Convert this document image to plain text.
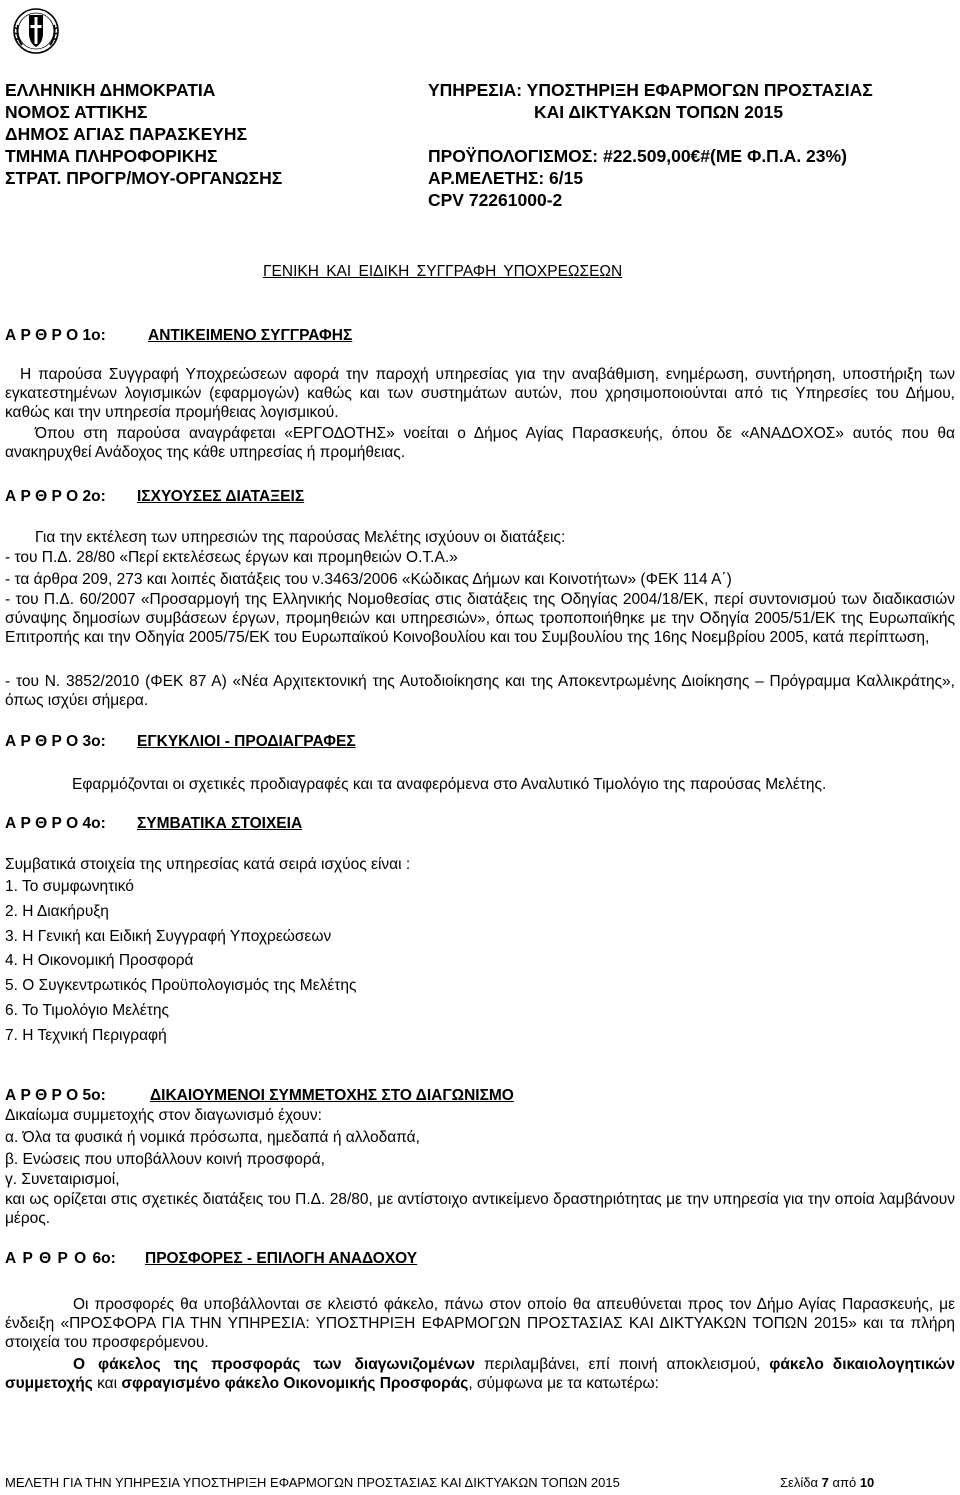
ΕΛΛΗΝΙΚΗ ΔΗΜΟΚΡΑΤΙΑ
ΝΟΜΟΣ ΑΤΤΙΚΗΣ
ΔΗΜΟΣ ΑΓΙΑΣ ΠΑΡΑΣΚΕΥΗΣ
ΤΜΗΜΑ ΠΛΗΡΟΦΟΡΙΚΗΣ
ΣΤΡΑΤ. ΠΡΟΓΡ/ΜΟΥ-ΟΡΓΑΝΩΣΗΣ
ΥΠΗΡΕΣΙΑ: ΥΠΟΣΤΗΡΙΞΗ ΕΦΑΡΜΟΓΩΝ ΠΡΟΣΤΑΣΙΑΣ
ΚΑΙ ΔΙΚΤΥΑΚΩΝ ΤΟΠΩΝ 2015
ΠΡΟΫΠΟΛΟΓΙΣΜΟΣ: #22.509,00€#(ΜΕ Φ.Π.Α. 23%)
ΑΡ.ΜΕΛΕΤΗΣ: 6/15
CPV 72261000-2
ΓΕΝΙΚΗ ΚΑΙ ΕΙΔΙΚΗ ΣΥΓΓΡΑΦΗ ΥΠΟΧΡΕΩΣΕΩΝ
Α Ρ Θ Ρ Ο 1ο:	ΑΝΤΙΚΕΙΜΕΝΟ ΣΥΓΓΡΑΦΗΣ

Η παρούσα Συγγραφή Υποχρεώσεων αφορά την παροχή υπηρεσίας για την αναβάθμιση, ενημέρωση, συντήρηση, υποστήριξη των εγκατεστημένων λογισμικών (εφαρμογών) καθώς και των συστημάτων αυτών, που χρησιμοποιούνται από τις Υπηρεσίες του Δήμου, καθώς και την υπηρεσία προμήθειας λογισμικού.

Όπου στη παρούσα αναγράφεται «ΕΡΓΟΔΟΤΗΣ» νοείται ο Δήμος Αγίας Παρασκευής, όπου δε «ΑΝΑΔΟΧΟΣ» αυτός που θα ανακηρυχθεί Ανάδοχος της κάθε υπηρεσίας ή προμήθειας.

Α Ρ Θ Ρ Ο 2ο: ΙΣΧΥΟΥΣΕΣ ΔΙΑΤΑΞΕΙΣ
Για την εκτέλεση των υπηρεσιών της παρούσας Μελέτης ισχύουν οι διατάξεις:
- του Π.Δ. 28/80 «Περί εκτελέσεως έργων και προμηθειών Ο.Τ.Α.»
- τα άρθρα 209, 273 και λοιπές διατάξεις του ν.3463/2006 «Κώδικας Δήμων και Κοινοτήτων» (ΦΕΚ 114 Α΄)

- του Π.Δ. 60/2007 «Προσαρμογή της Ελληνικής Νομοθεσίας στις διατάξεις της Οδηγίας 2004/18/ΕΚ, περί συντονισμού των διαδικασιών σύναψης δημοσίων συμβάσεων έργων, προμηθειών και υπηρεσιών», όπως τροποποιήθηκε με την Οδηγία 2005/51/ΕΚ της Ευρωπαϊκής Επιτροπής και την Οδηγία 2005/75/ΕΚ του Ευρωπαϊκού Κοινοβουλίου και του Συμβουλίου της 16ης Νοεμβρίου 2005, κατά περίπτωση,

- του Ν. 3852/2010 (ΦΕΚ 87 Α) «Νέα Αρχιτεκτονική της Αυτοδιοίκησης και της Αποκεντρωμένης Διοίκησης – Πρόγραμμα Καλλικράτης», όπως ισχύει σήμερα.

Α Ρ Θ Ρ Ο 3ο: ΕΓΚΥΚΛΙΟΙ - ΠΡΟΔΙΑΓΡΑΦΕΣ
Εφαρμόζονται οι σχετικές προδιαγραφές και τα αναφερόμενα στο Αναλυτικό Τιμολόγιο της παρούσας Μελέτης.
Α Ρ Θ Ρ Ο 4ο: ΣΥΜΒΑΤΙΚΑ ΣΤΟΙΧΕΙΑ
Συμβατικά στοιχεία της υπηρεσίας κατά σειρά ισχύος είναι :
1. Το συμφωνητικό
2. Η Διακήρυξη
3. Η Γενική και Ειδική Συγγραφή Υποχρεώσεων
4. Η Οικονομική Προσφορά
5. Ο Συγκεντρωτικός Προϋπολογισμός της Μελέτης
6. Το Τιμολόγιο Μελέτης
7. Η Τεχνική Περιγραφή
Α Ρ Θ Ρ Ο 5ο:	ΔΙΚΑΙΟΥΜΕΝΟΙ ΣΥΜΜΕΤΟΧΗΣ ΣΤΟ ΔΙΑΓΩΝΙΣΜΟ
Δικαίωμα συμμετοχής στον διαγωνισμό έχουν:
α. Όλα τα φυσικά ή νομικά πρόσωπα, ημεδαπά ή αλλοδαπά,
β. Ενώσεις που υποβάλλουν κοινή προσφορά,
γ. Συνεταιρισμοί,

και ως ορίζεται στις σχετικές διατάξεις του Π.Δ. 28/80, με αντίστοιχο αντικείμενο δραστηριότητας με την υπηρεσία για την οποία λαμβάνουν μέρος.

Α Ρ Θ Ρ Ο 6ο: ΠΡΟΣΦΟΡΕΣ - ΕΠΙΛΟΓΗ ΑΝΑΔΟΧΟΥ

Οι προσφορές θα υποβάλλονται σε κλειστό φάκελο, πάνω στον οποίο θα απευθύνεται προς τον Δήμο Αγίας Παρασκευής, με ένδειξη «ΠΡΟΣΦΟΡΑ ΓΙΑ ΤΗΝ ΥΠΗΡΕΣΙΑ: ΥΠΟΣΤΗΡΙΞΗ ΕΦΑΡΜΟΓΩΝ ΠΡΟΣΤΑΣΙΑΣ ΚΑΙ ΔΙΚΤΥΑΚΩΝ ΤΟΠΩΝ 2015» και τα πλήρη στοιχεία του προσφερόμενου.

Ο φάκελος της προσφοράς των διαγωνιζομένων περιλαμβάνει, επί ποινή αποκλεισμού, φάκελο δικαιολογητικών συμμετοχής και σφραγισμένο φάκελο Οικονομικής Προσφοράς, σύμφωνα με τα κατωτέρω:

ΜΕΛΕΤΗ ΓΙΑ ΤΗΝ ΥΠΗΡΕΣΙΑ ΥΠΟΣΤΗΡΙΞΗ ΕΦΑΡΜΟΓΩΝ ΠΡΟΣΤΑΣΙΑΣ ΚΑΙ ΔΙΚΤΥΑΚΩΝ ΤΟΠΩΝ 2015	Σελίδα 7 από 10
